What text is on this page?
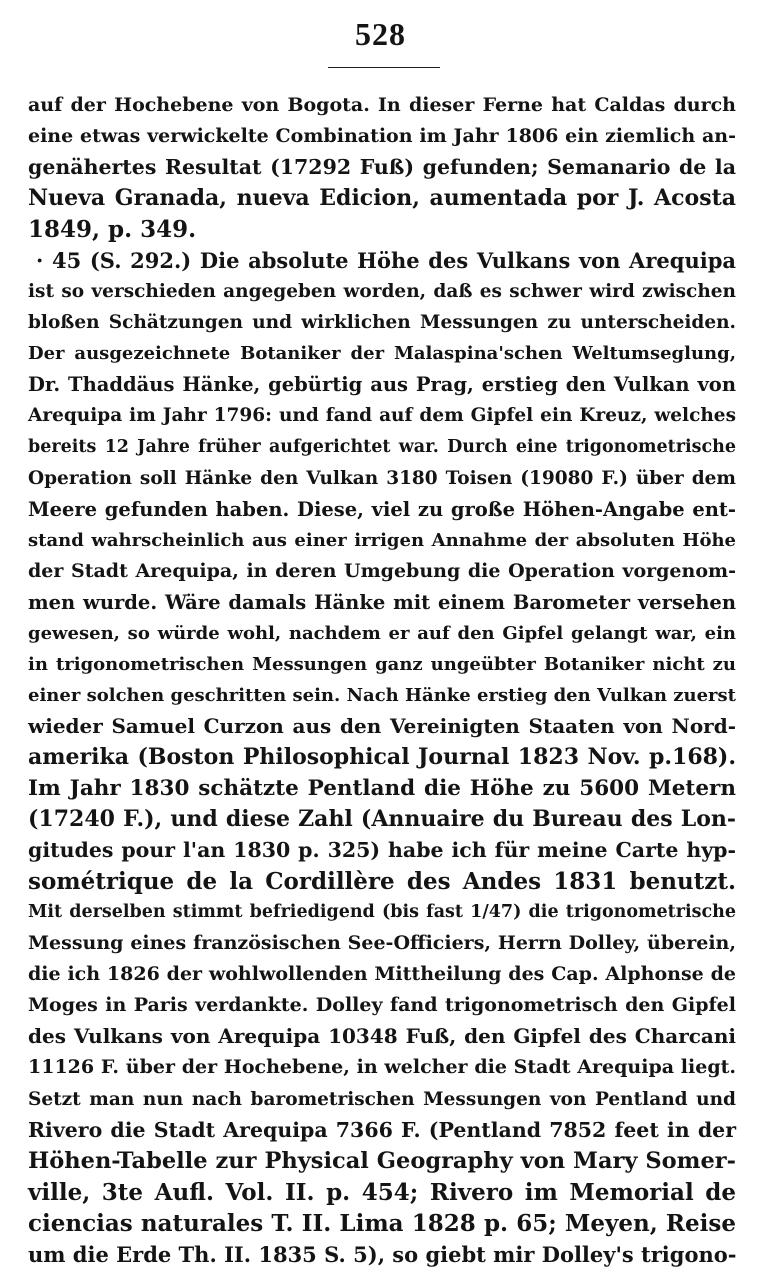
528
auf der Hochebene von Bogota. In dieser Ferne hat Caldas durch
eine etwas verwickelte Combination im Jahr 1806 ein ziemlich an-
genähertes Resultat (17292 Fuß) gefunden; Semanario de la
Nueva Granada, nueva Edicion, aumentada por J. Acosta
1849, p. 349.
· 45 (S. 292.) Die absolute Höhe des Vulkans von Arequipa
ist so verschieden angegeben worden, daß es schwer wird zwischen
bloßen Schätzungen und wirklichen Messungen zu unterscheiden.
Der ausgezeichnete Botaniker der Malaspina'schen Weltumseglung,
Dr. Thaddäus Hänke, gebürtig aus Prag, erstieg den Vulkan von
Arequipa im Jahr 1796: und fand auf dem Gipfel ein Kreuz, welches
bereits 12 Jahre früher aufgerichtet war. Durch eine trigonometrische
Operation soll Hänke den Vulkan 3180 Toisen (19080 F.) über dem
Meere gefunden haben. Diese, viel zu große Höhen-Angabe ent-
stand wahrscheinlich aus einer irrigen Annahme der absoluten Höhe
der Stadt Arequipa, in deren Umgebung die Operation vorgenom-
men wurde. Wäre damals Hänke mit einem Barometer versehen
gewesen, so würde wohl, nachdem er auf den Gipfel gelangt war, ein
in trigonometrischen Messungen ganz ungeübter Botaniker nicht zu
einer solchen geschritten sein. Nach Hänke erstieg den Vulkan zuerst
wieder Samuel Curzon aus den Vereinigten Staaten von Nord-
amerika (Boston Philosophical Journal 1823 Nov. p.168).
Im Jahr 1830 schätzte Pentland die Höhe zu 5600 Metern
(17240 F.), und diese Zahl (Annuaire du Bureau des Lon-
gitudes pour l'an 1830 p. 325) habe ich für meine Carte hyp-
sométrique de la Cordillère des Andes 1831 benutzt.
Mit derselben stimmt befriedigend (bis fast 1/47) die trigonometrische
Messung eines französischen See-Officiers, Herrn Dolley, überein,
die ich 1826 der wohlwollenden Mittheilung des Cap. Alphonse de
Moges in Paris verdankte. Dolley fand trigonometrisch den Gipfel
des Vulkans von Arequipa 10348 Fuß, den Gipfel des Charcani
11126 F. über der Hochebene, in welcher die Stadt Arequipa liegt.
Setzt man nun nach barometrischen Messungen von Pentland und
Rivero die Stadt Arequipa 7366 F. (Pentland 7852 feet in der
Höhen-Tabelle zur Physical Geography von Mary Somer-
ville, 3te Aufl. Vol. II. p. 454; Rivero im Memorial de
ciencias naturales T. II. Lima 1828 p. 65; Meyen, Reise
um die Erde Th. II. 1835 S. 5), so giebt mir Dolley's trigono-
